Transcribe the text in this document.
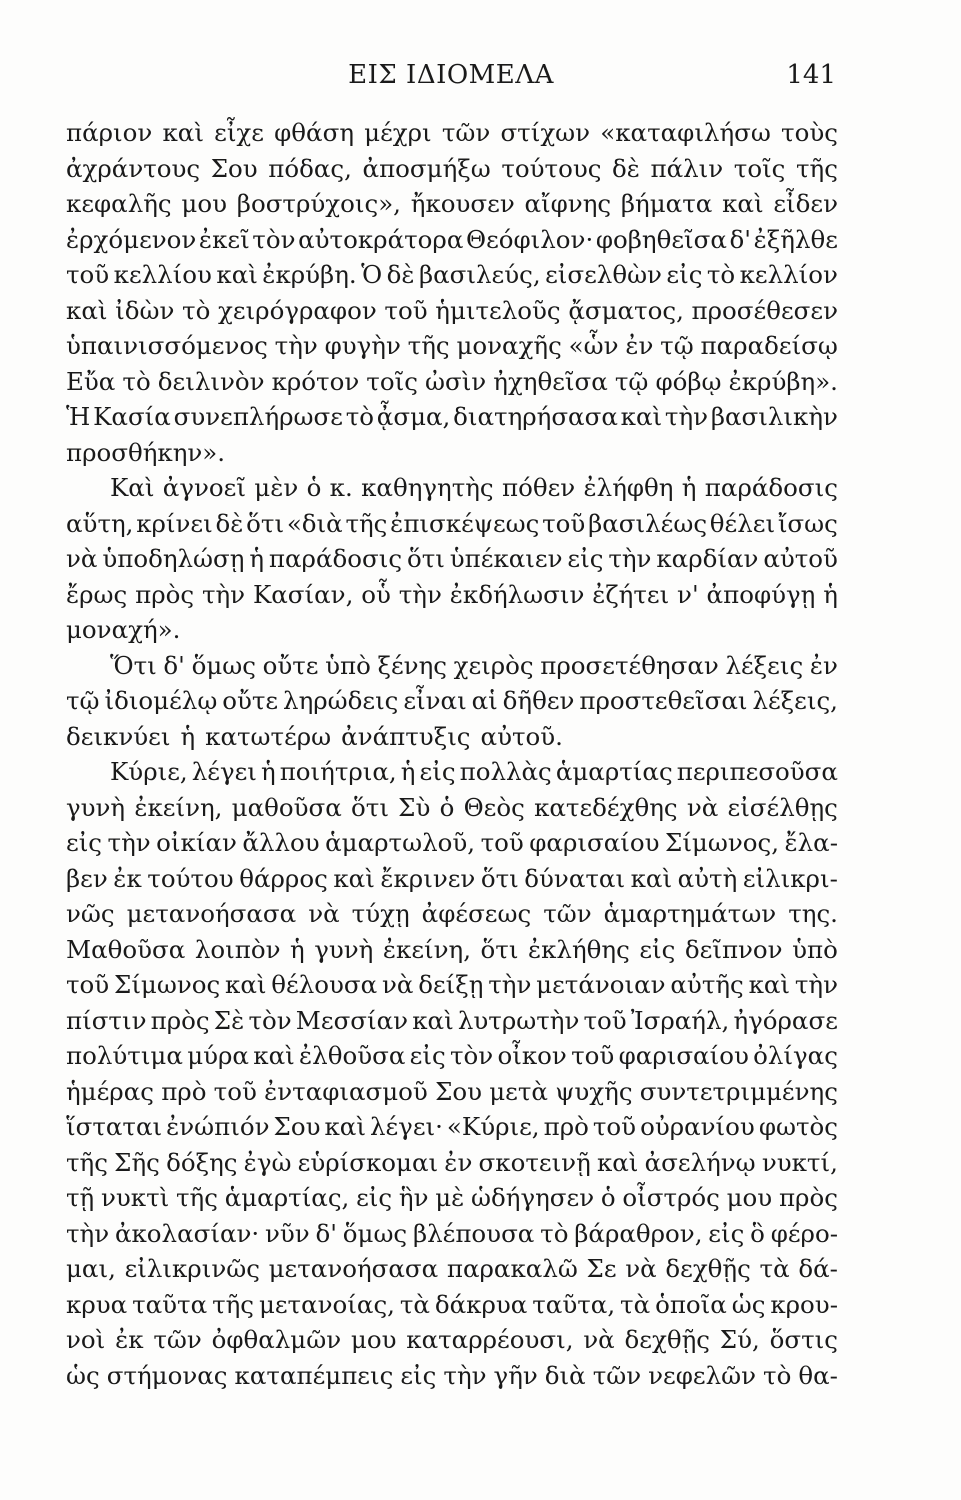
ΕΙΣ ΙΔΙΟΜΕΛΑ	141
πάριον καὶ εἶχε φθάση μέχρι τῶν στίχων «καταφιλήσω τοὺς
ἀχράντους Σου πόδας, ἀποσμήξω τούτους δὲ πάλιν τοῖς τῆς
κεφαλῆς μου βοστρύχοις», ἤκουσεν αἴφνης βήματα καὶ εἶδεν
ἐρχόμενον ἐκεῖ τὸν αὐτοκράτορα Θεόφιλον· φοβηθεῖσα δ' ἐξῆλθε
τοῦ κελλίου καὶ ἐκρύβη. Ὁ δὲ βασιλεύς, εἰσελθὼν εἰς τὸ κελλίον
καὶ ἰδὼν τὸ χειρόγραφον τοῦ ἡμιτελοῦς ᾄσματος, προσέθεσεν
ὑπαινισσόμενος τὴν φυγὴν τῆς μοναχῆς «ὧν ἐν τῷ παραδείσῳ
Εὔα τὸ δειλινὸν κρότον τοῖς ὠσὶν ἠχηθεῖσα τῷ φόβῳ ἐκρύβη».
Ἡ Κασία συνεπλήρωσε τὸ ᾆσμα, διατηρήσασα καὶ τὴν βασιλικὴν
προσθήκην».
Καὶ ἀγνοεῖ μὲν ὁ κ. καθηγητὴς πόθεν ἐλήφθη ἡ παράδοσις
αὕτη, κρίνει δὲ ὅτι «διὰ τῆς ἐπισκέψεως τοῦ βασιλέως θέλει ἴσως
νὰ ὑποδηλώσῃ ἡ παράδοσις ὅτι ὑπέκαιεν εἰς τὴν καρδίαν αὐτοῦ
ἔρως πρὸς τὴν Κασίαν, οὗ τὴν ἐκδήλωσιν ἐζήτει ν' ἀποφύγῃ ἡ
μοναχή».
Ὅτι δ' ὅμως οὔτε ὑπὸ ξένης χειρὸς προσετέθησαν λέξεις ἐν
τῷ ἰδιομέλῳ οὔτε ληρώδεις εἶναι αἱ δῆθεν προστεθεῖσαι λέξεις,
δεικνύει ἡ κατωτέρω ἀνάπτυξις αὐτοῦ.
Κύριε, λέγει ἡ ποιήτρια, ἡ εἰς πολλὰς ἁμαρτίας περιπεσοῦσα
γυνὴ ἐκείνη, μαθοῦσα ὅτι Σὺ ὁ Θεὸς κατεδέχθης νὰ εἰσέλθῃς
εἰς τὴν οἰκίαν ἄλλου ἁμαρτωλοῦ, τοῦ φαρισαίου Σίμωνος, ἔλα-
βεν ἐκ τούτου θάρρος καὶ ἔκρινεν ὅτι δύναται καὶ αὐτὴ εἰλικρι-
νῶς μετανοήσασα νὰ τύχῃ ἀφέσεως τῶν ἁμαρτημάτων της.
Μαθοῦσα λοιπὸν ἡ γυνὴ ἐκείνη, ὅτι ἐκλήθης εἰς δεῖπνον ὑπὸ
τοῦ Σίμωνος καὶ θέλουσα νὰ δείξῃ τὴν μετάνοιαν αὐτῆς καὶ τὴν
πίστιν πρὸς Σὲ τὸν Μεσσίαν καὶ λυτρωτὴν τοῦ Ἰσραήλ, ἠγόρασε
πολύτιμα μύρα καὶ ἐλθοῦσα εἰς τὸν οἶκον τοῦ φαρισαίου ὀλίγας
ἡμέρας πρὸ τοῦ ἐνταφιασμοῦ Σου μετὰ ψυχῆς συντετριμμένης
ἵσταται ἐνώπιόν Σου καὶ λέγει· «Κύριε, πρὸ τοῦ οὐρανίου φωτὸς
τῆς Σῆς δόξης ἐγὼ εὑρίσκομαι ἐν σκοτεινῇ καὶ ἀσελήνῳ νυκτί,
τῇ νυκτὶ τῆς ἁμαρτίας, εἰς ἣν μὲ ὡδήγησεν ὁ οἶστρός μου πρὸς
τὴν ἀκολασίαν· νῦν δ' ὅμως βλέπουσα τὸ βάραθρον, εἰς ὃ φέρο-
μαι, εἰλικρινῶς μετανοήσασα παρακαλῶ Σε νὰ δεχθῇς τὰ δά-
κρυα ταῦτα τῆς μετανοίας, τὰ δάκρυα ταῦτα, τὰ ὁποῖα ὡς κρου-
νοὶ ἐκ τῶν ὀφθαλμῶν μου καταρρέουσι, νὰ δεχθῇς Σύ, ὅστις
ὡς στήμονας καταπέμπεις εἰς τὴν γῆν διὰ τῶν νεφελῶν τὸ θα-
